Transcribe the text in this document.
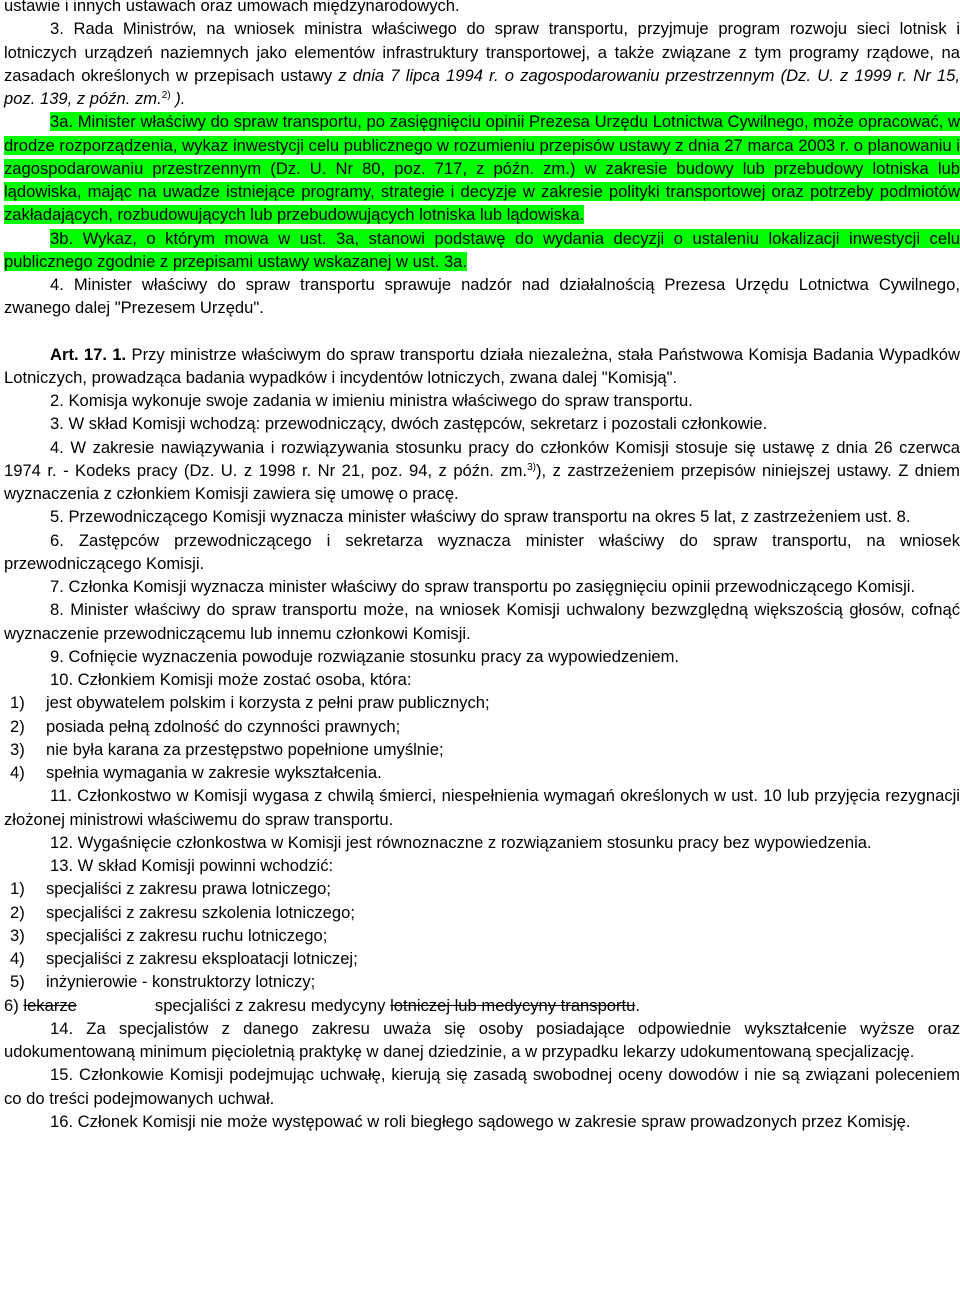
ustawie i innych ustawach oraz umowach międzynarodowych.

3. Rada Ministrów, na wniosek ministra właściwego do spraw transportu, przyjmuje program rozwoju sieci lotnisk i lotniczych urządzeń naziemnych jako elementów infrastruktury transportowej, a także związane z tym programy rządowe, na zasadach określonych w przepisach ustawy z dnia 7 lipca 1994 r. o zagospodarowaniu przestrzennym (Dz. U. z 1999 r. Nr 15, poz. 139, z późn. zm.$^{2)}$ ).

3a. Minister właściwy do spraw transportu, po zasięgnięciu opinii Prezesa Urzędu Lotnictwa Cywilnego, może opracować, w drodze rozporządzenia, wykaz inwestycji celu publicznego w rozumieniu przepisów ustawy z dnia 27 marca 2003 r. o planowaniu i zagospodarowaniu przestrzennym (Dz. U. Nr 80, poz. 717, z późn. zm.) w zakresie budowy lub przebudowy lotniska lub lądowiska, mając na uwadze istniejące programy, strategie i decyzje w zakresie polityki transportowej oraz potrzeby podmiotów zakładających, rozbudowujących lub przebudowujących lotniska lub lądowiska.

3b. Wykaz, o którym mowa w ust. 3a, stanowi podstawę do wydania decyzji o ustaleniu lokalizacji inwestycji celu publicznego zgodnie z przepisami ustawy wskazanej w ust. 3a.

4. Minister właściwy do spraw transportu sprawuje nadzór nad działalnością Prezesa Urzędu Lotnictwa Cywilnego, zwanego dalej "Prezesem Urzędu".

Art. 17. 1. Przy ministrze właściwym do spraw transportu działa niezależna, stała Państwowa Komisja Badania Wypadków Lotniczych, prowadząca badania wypadków i incydentów lotniczych, zwana dalej "Komisją".

2. Komisja wykonuje swoje zadania w imieniu ministra właściwego do spraw transportu.

3. W skład Komisji wchodzą: przewodniczący, dwóch zastępców, sekretarz i pozostali członkowie.

4. W zakresie nawiązywania i rozwiązywania stosunku pracy do członków Komisji stosuje się ustawę z dnia 26 czerwca 1974 r. - Kodeks pracy (Dz. U. z 1998 r. Nr 21, poz. 94, z późn. zm.$^{3)}$), z zastrzeżeniem przepisów niniejszej ustawy. Z dniem wyznaczenia z członkiem Komisji zawiera się umowę o pracę.

5. Przewodniczącego Komisji wyznacza minister właściwy do spraw transportu na okres 5 lat, z zastrzeżeniem ust. 8.

6. Zastępców przewodniczącego i sekretarza wyznacza minister właściwy do spraw transportu, na wniosek przewodniczącego Komisji.

7. Członka Komisji wyznacza minister właściwy do spraw transportu po zasięgnięciu opinii przewodniczącego Komisji.

8. Minister właściwy do spraw transportu może, na wniosek Komisji uchwalony bezwzględną większością głosów, cofnąć wyznaczenie przewodniczącemu lub innemu członkowi Komisji.

9. Cofnięcie wyznaczenia powoduje rozwiązanie stosunku pracy za wypowiedzeniem.

10. Członkiem Komisji może zostać osoba, która:

1)	jest obywatelem polskim i korzysta z pełni praw publicznych;
2)	posiada pełną zdolność do czynności prawnych;
3)	nie była karana za przestępstwo popełnione umyślnie;
4)	spełnia wymagania w zakresie wykształcenia.

11. Członkostwo w Komisji wygasa z chwilą śmierci, niespełnienia wymagań określonych w ust. 10 lub przyjęcia rezygnacji złożonej ministrowi właściwemu do spraw transportu.

12. Wygaśnięcie członkostwa w Komisji jest równoznaczne z rozwiązaniem stosunku pracy bez wypowiedzenia.

13. W skład Komisji powinni wchodzić:

1)	specjaliści z zakresu prawa lotniczego;
2)	specjaliści z zakresu szkolenia lotniczego;
3)	specjaliści z zakresu ruchu lotniczego;
4)	specjaliści z zakresu eksploatacji lotniczej;
5)	inżynierowie - konstruktorzy lotniczy;

6) lekarze	specjaliści z zakresu medycyny lotniczej lub medycyny transportu.

14. Za specjalistów z danego zakresu uważa się osoby posiadające odpowiednie wykształcenie wyższe oraz udokumentowaną minimum pięcioletnią praktykę w danej dziedzinie, a w przypadku lekarzy udokumentowaną specjalizację.

15. Członkowie Komisji podejmując uchwałę, kierują się zasadą swobodnej oceny dowodów i nie są związani poleceniem co do treści podejmowanych uchwał.

16. Członek Komisji nie może występować w roli biegłego sądowego w zakresie spraw prowadzonych przez Komisję.
